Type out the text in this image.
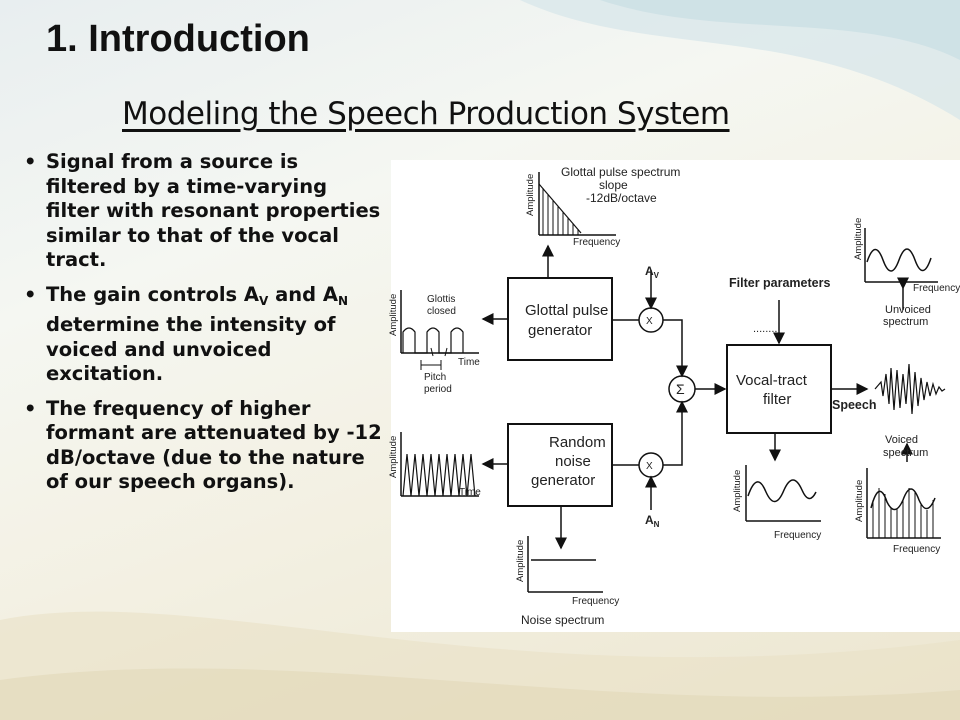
1. Introduction
Modeling the Speech Production System
• Signal from a source is filtered by a time-varying filter with resonant properties similar to that of the vocal tract.
• The gain controls $A_V$ and $A_N$ determine the intensity of voiced and unvoiced excitation.
• The frequency of higher formant are attenuated by -12 dB/octave (due to the nature of our speech organs).
Glottal pulse spectrum
slope
-12dB/octave
Amplitude
Frequency
Glottal pulse
generator
Random
noise
generator
Amplitude	Glottis
closed
Time
Pitch
period
Amplitude
Time
$A_V$
$A_N$
X
X
Σ
Filter parameters
.........
Vocal-tract
filter	Speech
Amplitude
Frequency
Unvoiced
spectrum
Amplitude
Frequency
Voiced
spectrum
Amplitude
Frequency
Amplitude
Frequency
Noise spectrum
